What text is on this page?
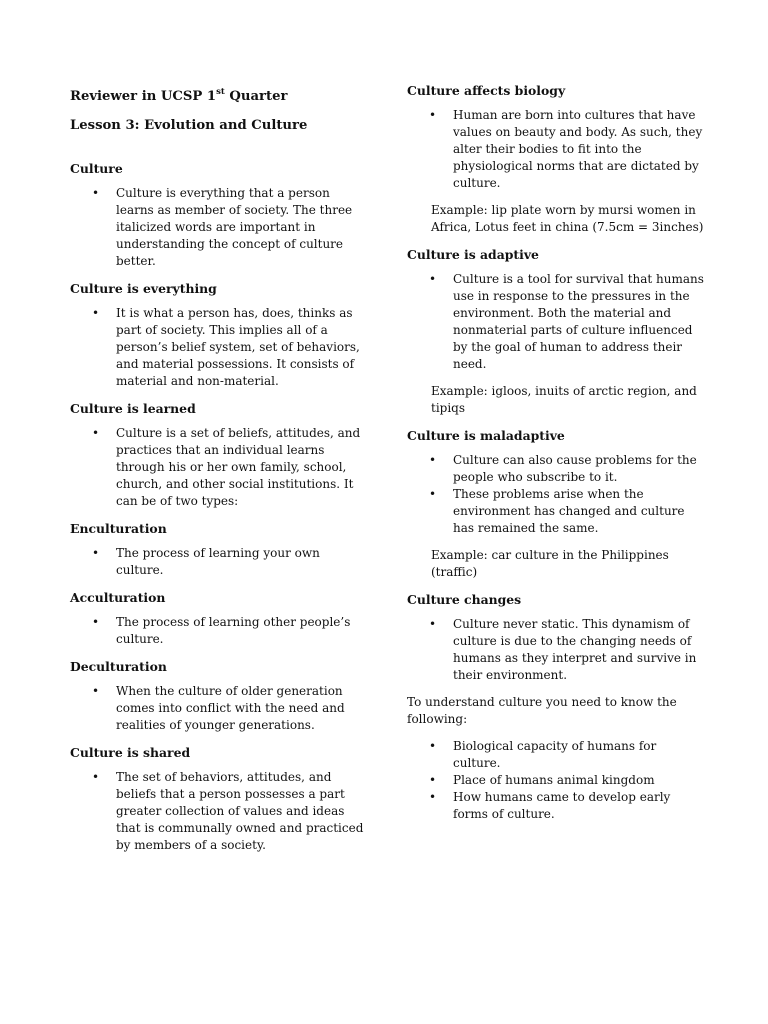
Reviewer in UCSP 1st Quarter
Lesson 3: Evolution and Culture
Culture
• Culture is everything that a person learns as member of society. The three italicized words are important in understanding the concept of culture better.
Culture is everything
• It is what a person has, does, thinks as part of society. This implies all of a person’s belief system, set of behaviors, and material possessions. It consists of material and non-material.
Culture is learned
• Culture is a set of beliefs, attitudes, and practices that an individual learns through his or her own family, school, church, and other social institutions. It can be of two types:
Enculturation
• The process of learning your own culture.
Acculturation
• The process of learning other people’s culture.
Deculturation
• When the culture of older generation comes into conflict with the need and realities of younger generations.
Culture is shared
• The set of behaviors, attitudes, and beliefs that a person possesses a part greater collection of values and ideas that is communally owned and practiced by members of a society.
Culture affects biology
• Human are born into cultures that have values on beauty and body. As such, they alter their bodies to fit into the physiological norms that are dictated by culture.
Example: lip plate worn by mursi women in Africa, Lotus feet in china (7.5cm = 3inches)
Culture is adaptive
• Culture is a tool for survival that humans use in response to the pressures in the environment. Both the material and nonmaterial parts of culture influenced by the goal of human to address their need.
Example: igloos, inuits of arctic region, and tipiqs
Culture is maladaptive
• Culture can also cause problems for the people who subscribe to it.
• These problems arise when the environment has changed and culture has remained the same.
Example: car culture in the Philippines (traffic)
Culture changes
• Culture never static. This dynamism of culture is due to the changing needs of humans as they interpret and survive in their environment.
To understand culture you need to know the following:
• Biological capacity of humans for culture.
• Place of humans animal kingdom
• How humans came to develop early forms of culture.
